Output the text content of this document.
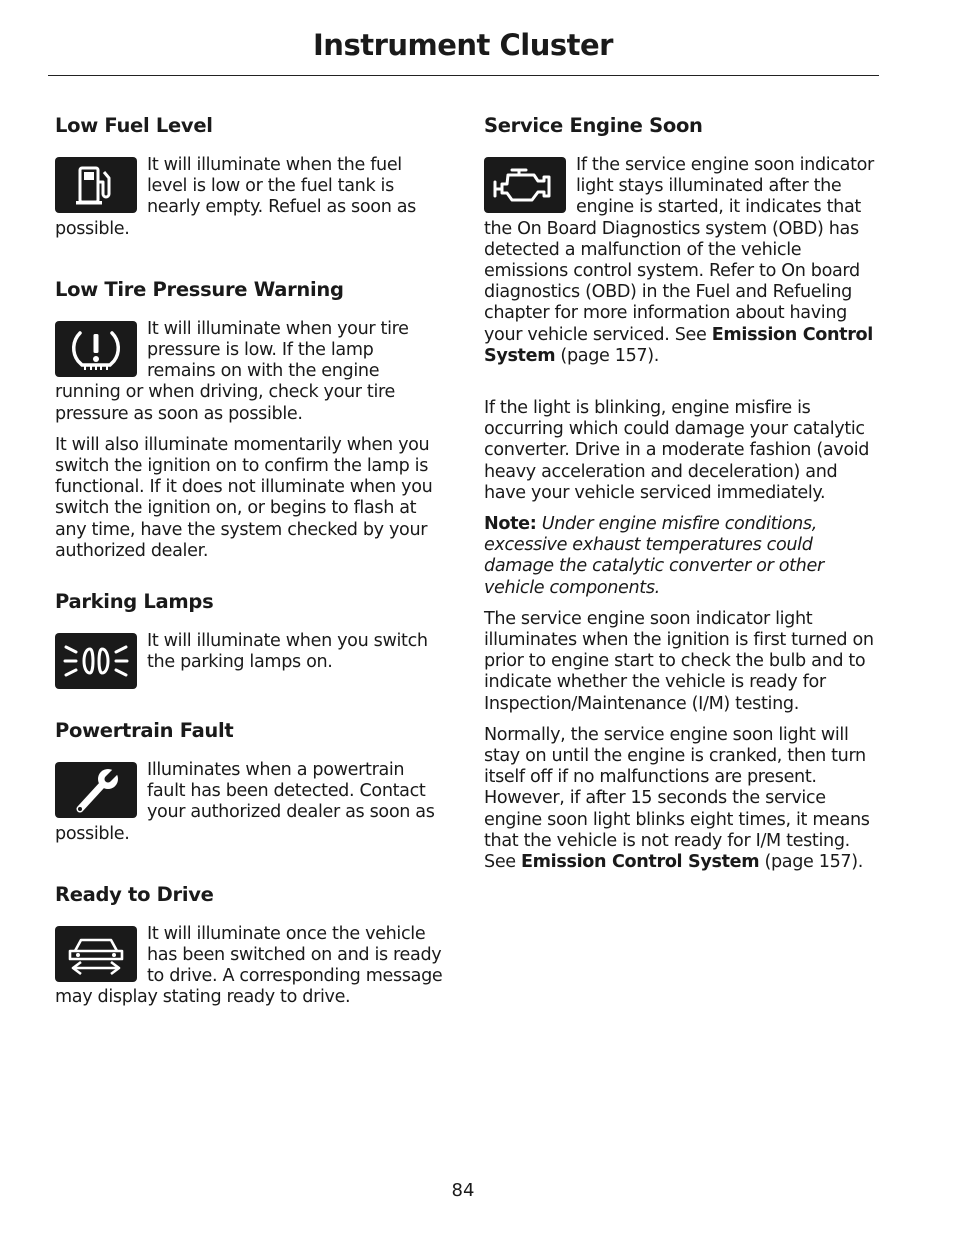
Instrument Cluster
Low Fuel Level

It will illuminate when the fuel level is low or the fuel tank is nearly empty. Refuel as soon as possible.

Low Tire Pressure Warning

It will illuminate when your tire pressure is low. If the lamp remains on with the engine running or when driving, check your tire pressure as soon as possible.

It will also illuminate momentarily when you switch the ignition on to confirm the lamp is functional. If it does not illuminate when you switch the ignition on, or begins to flash at any time, have the system checked by your authorized dealer.

Parking Lamps

It will illuminate when you switch the parking lamps on.

Powertrain Fault

Illuminates when a powertrain fault has been detected. Contact your authorized dealer as soon as possible.

Ready to Drive

It will illuminate once the vehicle has been switched on and is ready to drive. A corresponding message may display stating ready to drive.

Service Engine Soon

If the service engine soon indicator light stays illuminated after the engine is started, it indicates that the On Board Diagnostics system (OBD) has detected a malfunction of the vehicle emissions control system. Refer to On board diagnostics (OBD) in the Fuel and Refueling chapter for more information about having your vehicle serviced. See Emission Control System (page 157).

If the light is blinking, engine misfire is occurring which could damage your catalytic converter. Drive in a moderate fashion (avoid heavy acceleration and deceleration) and have your vehicle serviced immediately.

Note: Under engine misfire conditions, excessive exhaust temperatures could damage the catalytic converter or other vehicle components.

The service engine soon indicator light illuminates when the ignition is first turned on prior to engine start to check the bulb and to indicate whether the vehicle is ready for Inspection/Maintenance (I/M) testing.

Normally, the service engine soon light will stay on until the engine is cranked, then turn itself off if no malfunctions are present. However, if after 15 seconds the service engine soon light blinks eight times, it means that the vehicle is not ready for I/M testing. See Emission Control System (page 157).

84
